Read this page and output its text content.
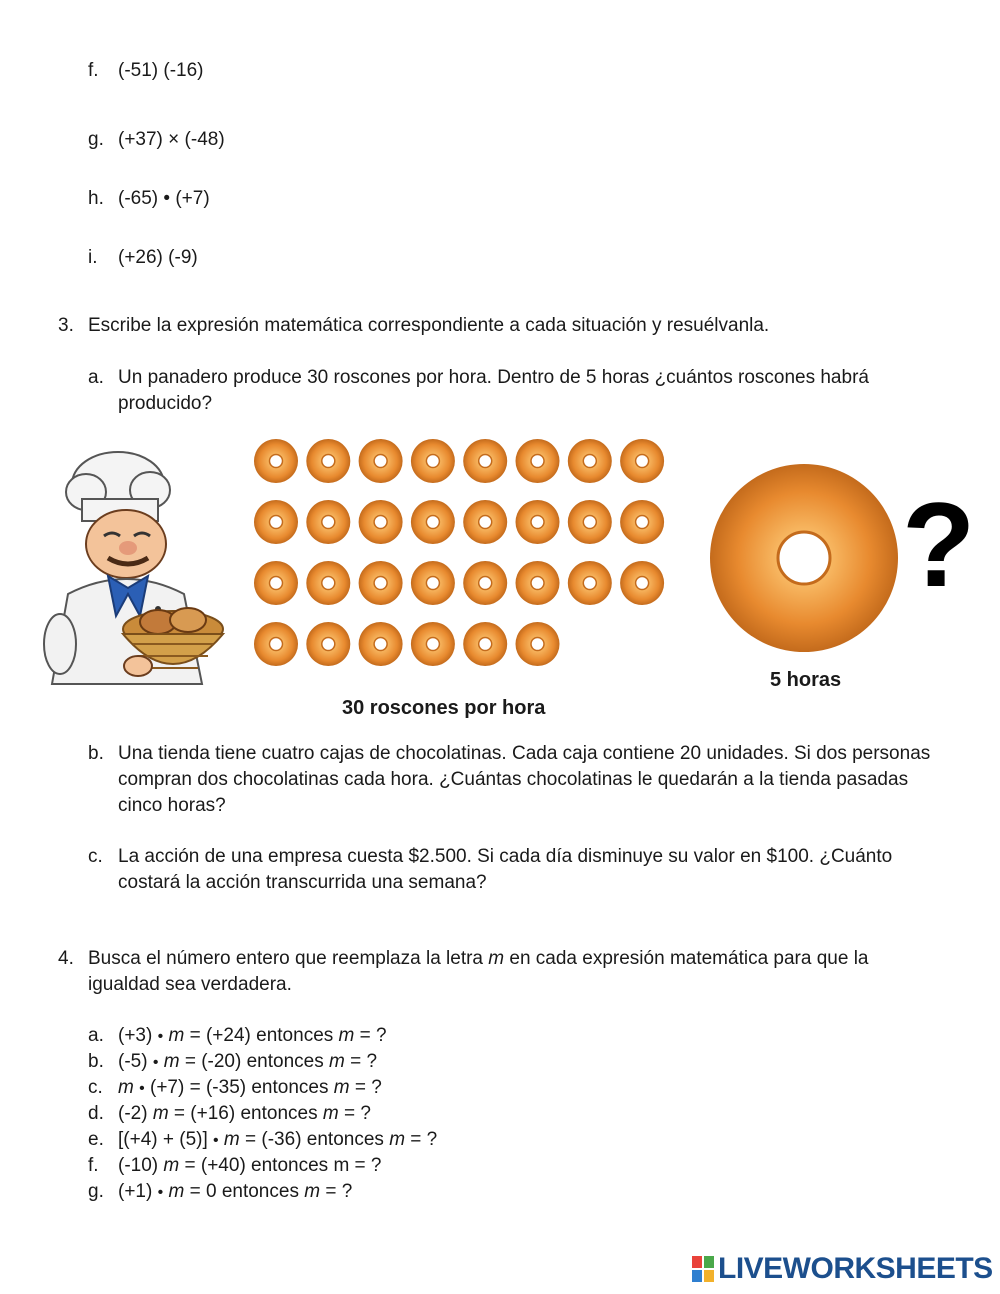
f.	(-51) (-16)
g. (+37) × (-48)
h. (-65) • (+7)
i.	(+26) (-9)
3. Escribe la expresión matemática correspondiente a cada situación y resuélvanla.
a. Un panadero produce 30 roscones por hora. Dentro de 5 horas ¿cuántos roscones habrá producido?
?
5 horas
30 roscones por hora
b. Una tienda tiene cuatro cajas de chocolatinas. Cada caja contiene 20 unidades. Si dos personas compran dos chocolatinas cada hora. ¿Cuántas chocolatinas le quedarán a la tienda pasadas cinco horas?
c. La acción de una empresa cuesta $2.500. Si cada día disminuye su valor en $100. ¿Cuánto costará la acción transcurrida una semana?
4. Busca el número entero que reemplaza la letra m en cada expresión matemática para que la igualdad sea verdadera.
a. (+3) • m = (+24) entonces m = ?
b. (-5) • m = (-20) entonces m = ?
c. m • (+7) = (-35) entonces m = ?
d. (-2) m = (+16) entonces m = ?
e. [(+4) + (5)] • m = (-36) entonces m = ?
f.	(-10) m = (+40) entonces m = ?
g. (+1) • m = 0 entonces m = ?
LIVEWORKSHEETS
